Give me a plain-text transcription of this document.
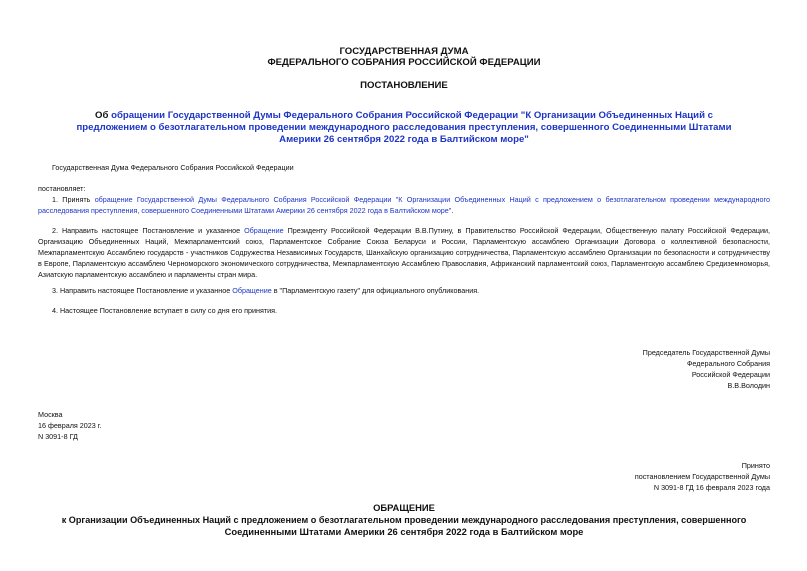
ГОСУДАРСТВЕННАЯ ДУМА
ФЕДЕРАЛЬНОГО СОБРАНИЯ РОССИЙСКОЙ ФЕДЕРАЦИИ
ПОСТАНОВЛЕНИЕ
Об обращении Государственной Думы Федерального Собрания Российской Федерации "К Организации Объединенных Наций с предложением о безотлагательном проведении международного расследования преступления, совершенного Соединенными Штатами Америки 26 сентября 2022 года в Балтийском море"
Государственная Дума Федерального Собрания Российской Федерации
постановляет:
1. Принять обращение Государственной Думы Федерального Собрания Российской Федерации "К Организации Объединенных Наций с предложением о безотлагательном проведении международного расследования преступления, совершенного Соединенными Штатами Америки 26 сентября 2022 года в Балтийском море".
2. Направить настоящее Постановление и указанное Обращение Президенту Российской Федерации В.В.Путину, в Правительство Российской Федерации, Общественную палату Российской Федерации, Организацию Объединенных Наций, Межпарламентский союз, Парламентское Собрание Союза Беларуси и России, Парламентскую ассамблею Организации Договора о коллективной безопасности, Межпарламентскую Ассамблею государств - участников Содружества Независимых Государств, Шанхайскую организацию сотрудничества, Парламентскую ассамблею Организации по безопасности и сотрудничеству в Европе, Парламентскую ассамблею Черноморского экономического сотрудничества, Межпарламентскую Ассамблею Православия, Африканский парламентский союз, Парламентскую ассамблею Средиземноморья, Азиатскую парламентскую ассамблею и парламенты стран мира.
3. Направить настоящее Постановление и указанное Обращение в "Парламентскую газету" для официального опубликования.
4. Настоящее Постановление вступает в силу со дня его принятия.
Председатель Государственной Думы
Федерального Собрания
Российской Федерации
В.В.Володин
Москва
16 февраля 2023 г.
N 3091-8 ГД
Принято
постановлением Государственной Думы
N 3091-8 ГД 16 февраля 2023 года
ОБРАЩЕНИЕ
к Организации Объединенных Наций с предложением о безотлагательном проведении международного расследования преступления, совершенного
Соединенными Штатами Америки 26 сентября 2022 года в Балтийском море
